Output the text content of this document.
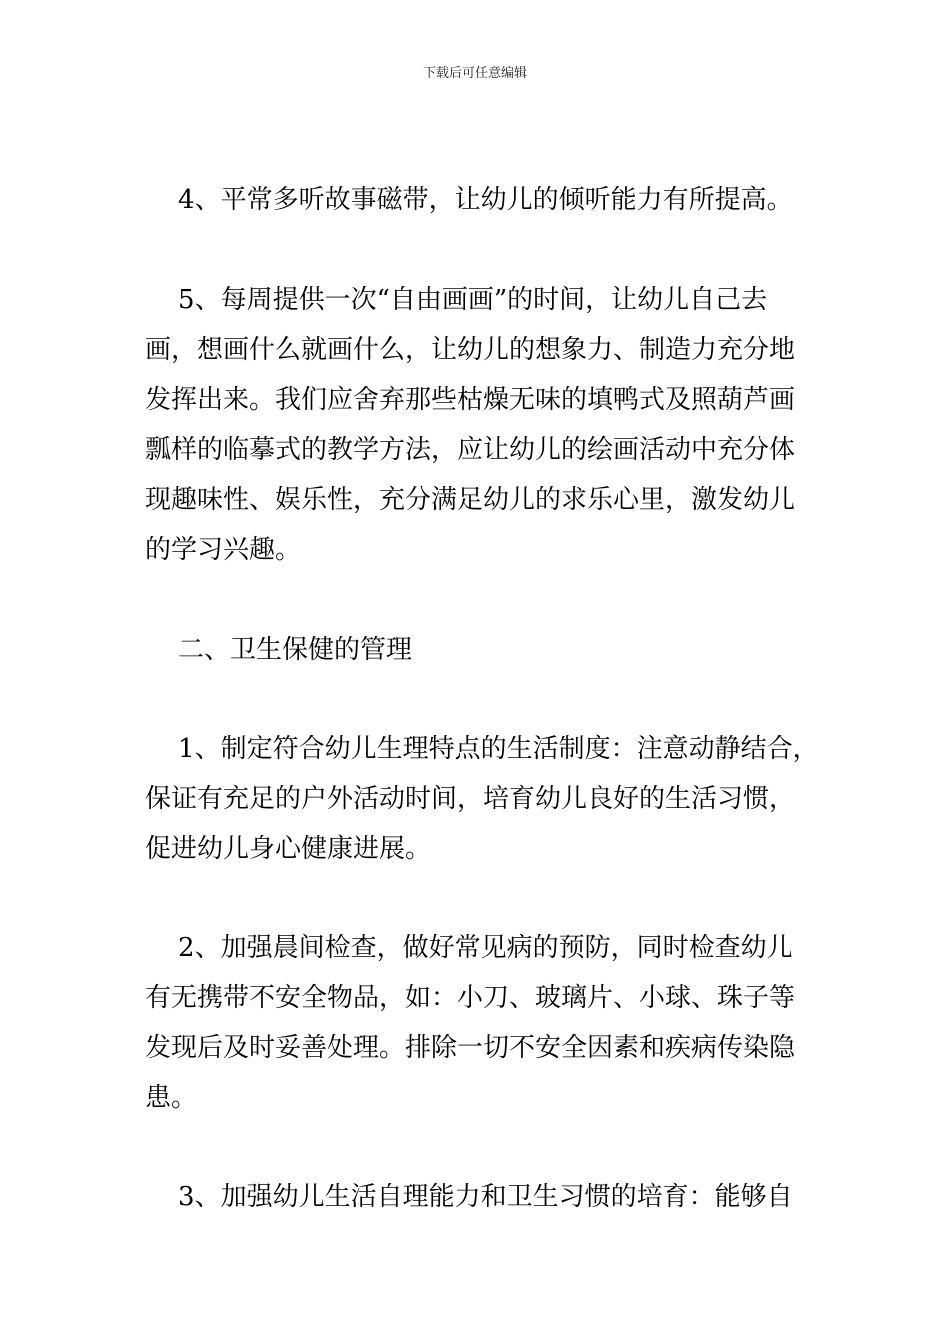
下载后可任意编辑

4、平常多听故事磁带，让幼儿的倾听能力有所提高。

5、每周提供一次“自由画画”的时间，让幼儿自己去

画，想画什么就画什么，让幼儿的想象力、制造力充分地

发挥出来。我们应舍弃那些枯燥无味的填鸭式及照葫芦画

瓢样的临摹式的教学方法，应让幼儿的绘画活动中充分体

现趣味性、娱乐性，充分满足幼儿的求乐心里，激发幼儿

的学习兴趣。

二、卫生保健的管理

1、制定符合幼儿生理特点的生活制度：注意动静结合，

保证有充足的户外活动时间，培育幼儿良好的生活习惯，

促进幼儿身心健康进展。

2、加强晨间检查，做好常见病的预防，同时检查幼儿

有无携带不安全物品，如：小刀、玻璃片、小球、珠子等

发现后及时妥善处理。排除一切不安全因素和疾病传染隐

患。

3、加强幼儿生活自理能力和卫生习惯的培育：能够自
